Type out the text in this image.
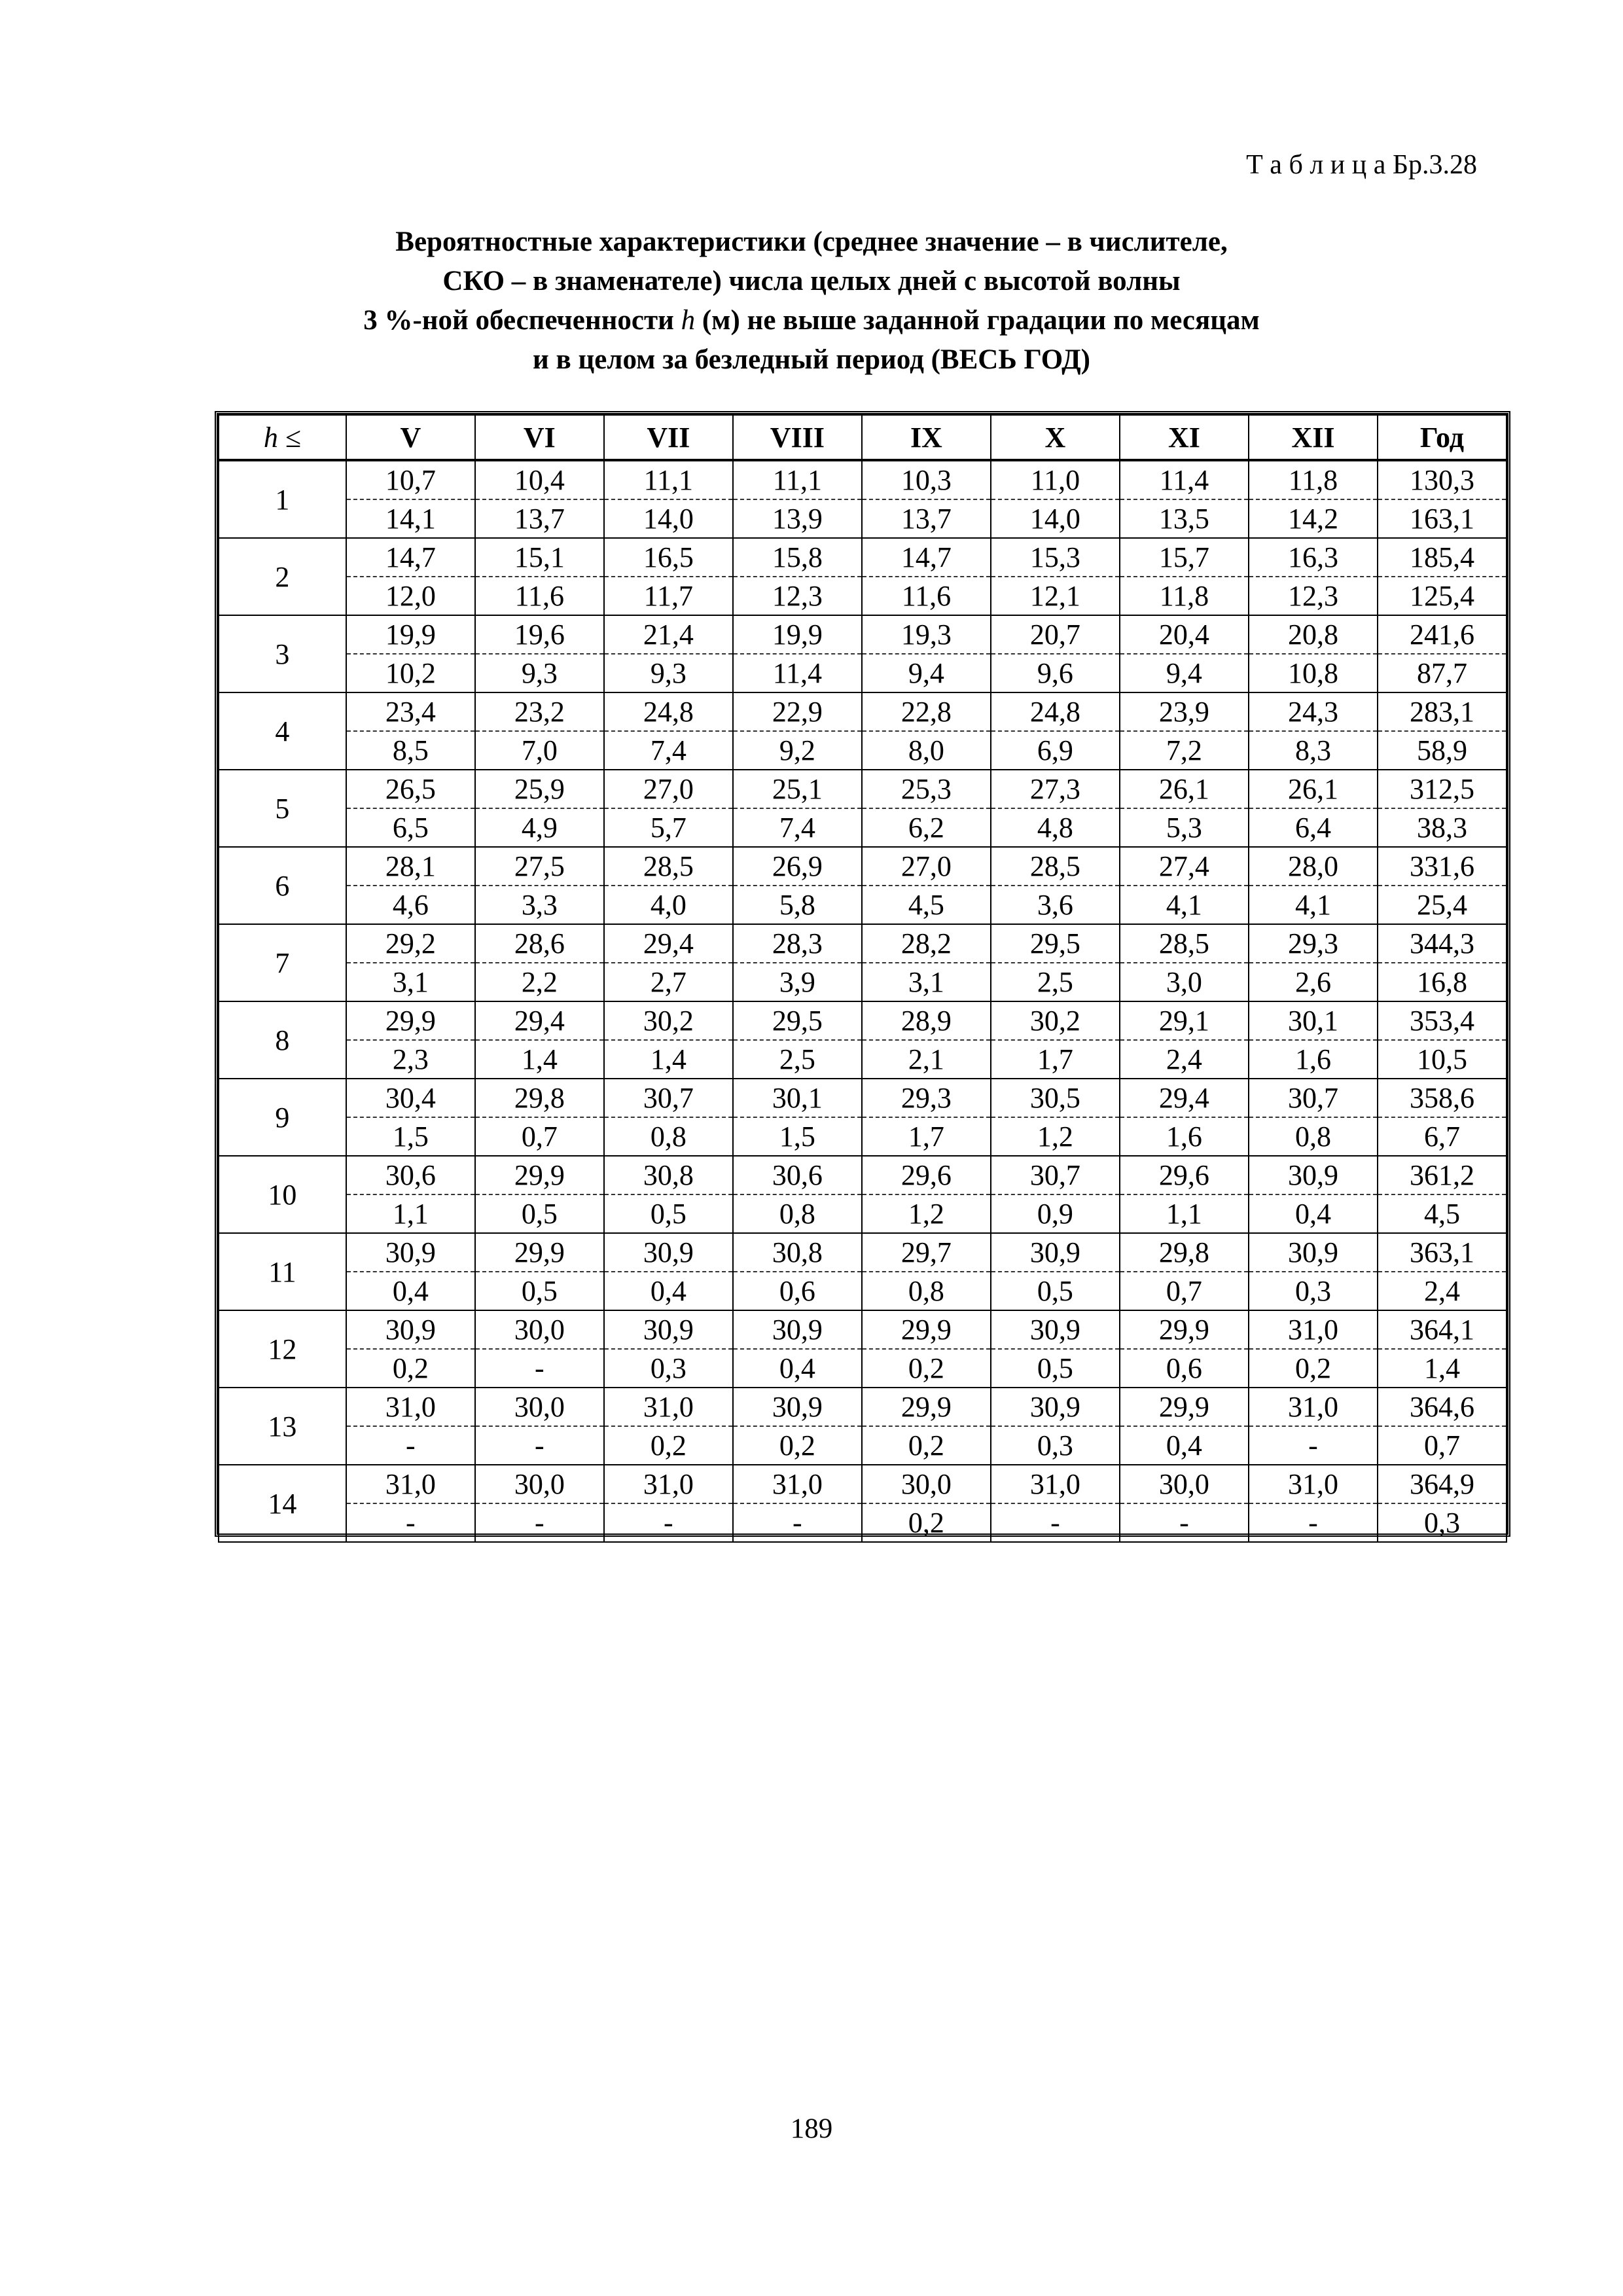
Т а б л и ц а Бр.3.28
Вероятностные характеристики (среднее значение – в числителе,
СКО – в знаменателе) числа целых дней с высотой волны
3 %-ной обеспеченности h (м) не выше заданной градации по месяцам
и в целом за безледный период (ВЕСЬ ГОД)
h ≤	V	VI	VII	VIII	IX	X	XI	XII	Год
1	10,7	10,4	11,1	11,1	10,3	11,0	11,4	11,8	130,3
	14,1	13,7	14,0	13,9	13,7	14,0	13,5	14,2	163,1
2	14,7	15,1	16,5	15,8	14,7	15,3	15,7	16,3	185,4
	12,0	11,6	11,7	12,3	11,6	12,1	11,8	12,3	125,4
3	19,9	19,6	21,4	19,9	19,3	20,7	20,4	20,8	241,6
	10,2	9,3	9,3	11,4	9,4	9,6	9,4	10,8	87,7
4	23,4	23,2	24,8	22,9	22,8	24,8	23,9	24,3	283,1
	8,5	7,0	7,4	9,2	8,0	6,9	7,2	8,3	58,9
5	26,5	25,9	27,0	25,1	25,3	27,3	26,1	26,1	312,5
	6,5	4,9	5,7	7,4	6,2	4,8	5,3	6,4	38,3
6	28,1	27,5	28,5	26,9	27,0	28,5	27,4	28,0	331,6
	4,6	3,3	4,0	5,8	4,5	3,6	4,1	4,1	25,4
7	29,2	28,6	29,4	28,3	28,2	29,5	28,5	29,3	344,3
	3,1	2,2	2,7	3,9	3,1	2,5	3,0	2,6	16,8
8	29,9	29,4	30,2	29,5	28,9	30,2	29,1	30,1	353,4
	2,3	1,4	1,4	2,5	2,1	1,7	2,4	1,6	10,5
9	30,4	29,8	30,7	30,1	29,3	30,5	29,4	30,7	358,6
	1,5	0,7	0,8	1,5	1,7	1,2	1,6	0,8	6,7
10	30,6	29,9	30,8	30,6	29,6	30,7	29,6	30,9	361,2
	1,1	0,5	0,5	0,8	1,2	0,9	1,1	0,4	4,5
11	30,9	29,9	30,9	30,8	29,7	30,9	29,8	30,9	363,1
	0,4	0,5	0,4	0,6	0,8	0,5	0,7	0,3	2,4
12	30,9	30,0	30,9	30,9	29,9	30,9	29,9	31,0	364,1
	0,2	-	0,3	0,4	0,2	0,5	0,6	0,2	1,4
13	31,0	30,0	31,0	30,9	29,9	30,9	29,9	31,0	364,6
	-	-	0,2	0,2	0,2	0,3	0,4	-	0,7
14	31,0	30,0	31,0	31,0	30,0	31,0	30,0	31,0	364,9
	-	-	-	-	0,2	-	-	-	0,3
189
